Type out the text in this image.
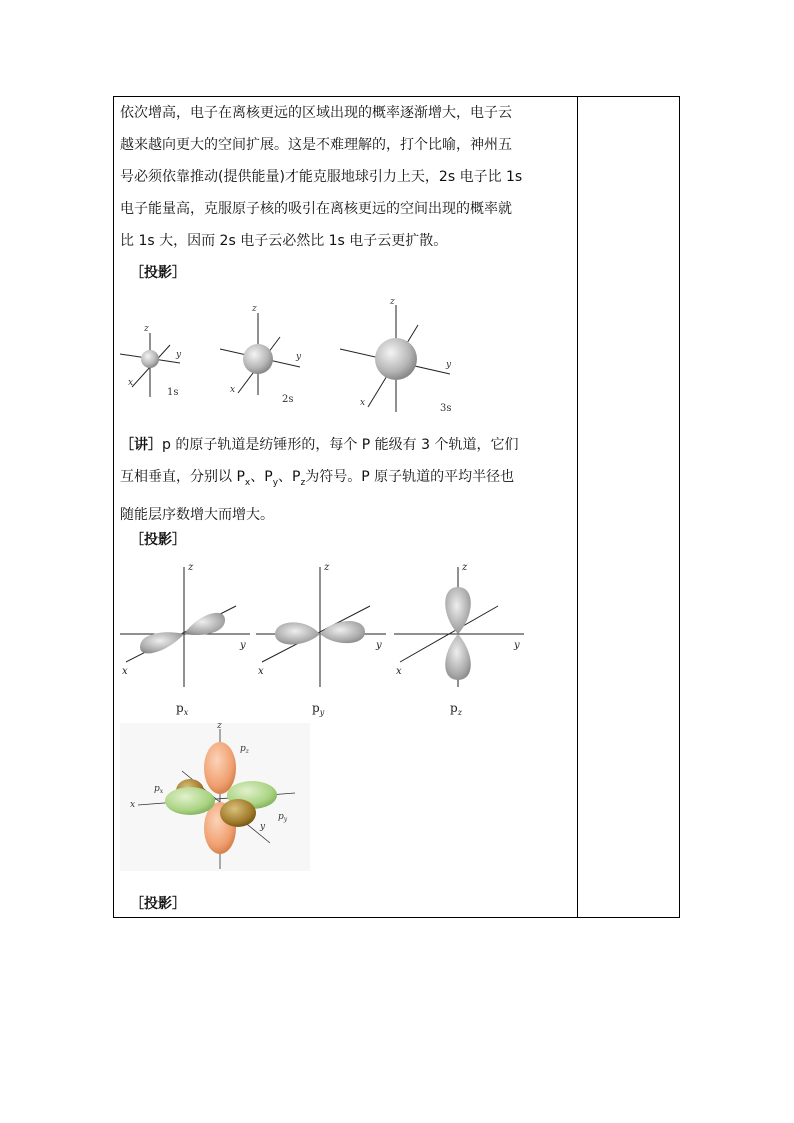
依次增高，电子在离核更远的区域出现的概率逐渐增大，电子云

越来越向更大的空间扩展。这是不难理解的，打个比喻，神州五

号必须依靠推动(提供能量)才能克服地球引力上天，2s 电子比 1s

电子能量高，克服原子核的吸引在离核更远的空间出现的概率就

比 1s 大，因而 2s 电子云必然比 1s 电子云更扩散。

［投影］
z
y
x
z
y
x
z
y
x
1s
2s
3s

［讲］p 的原子轨道是纺锤形的，每个 P 能级有 3 个轨道，它们

互相垂直，分别以 $P_x$、$P_y$、$P_z$为符号。P 原子轨道的平均半径也

随能层序数增大而增大。

［投影］
z
y
x
z
y
x
z
y
x
$p_x$	$p_y$	$p_z$
z
x
y
$p_z$
$p_x$
$p_y$
［投影］
